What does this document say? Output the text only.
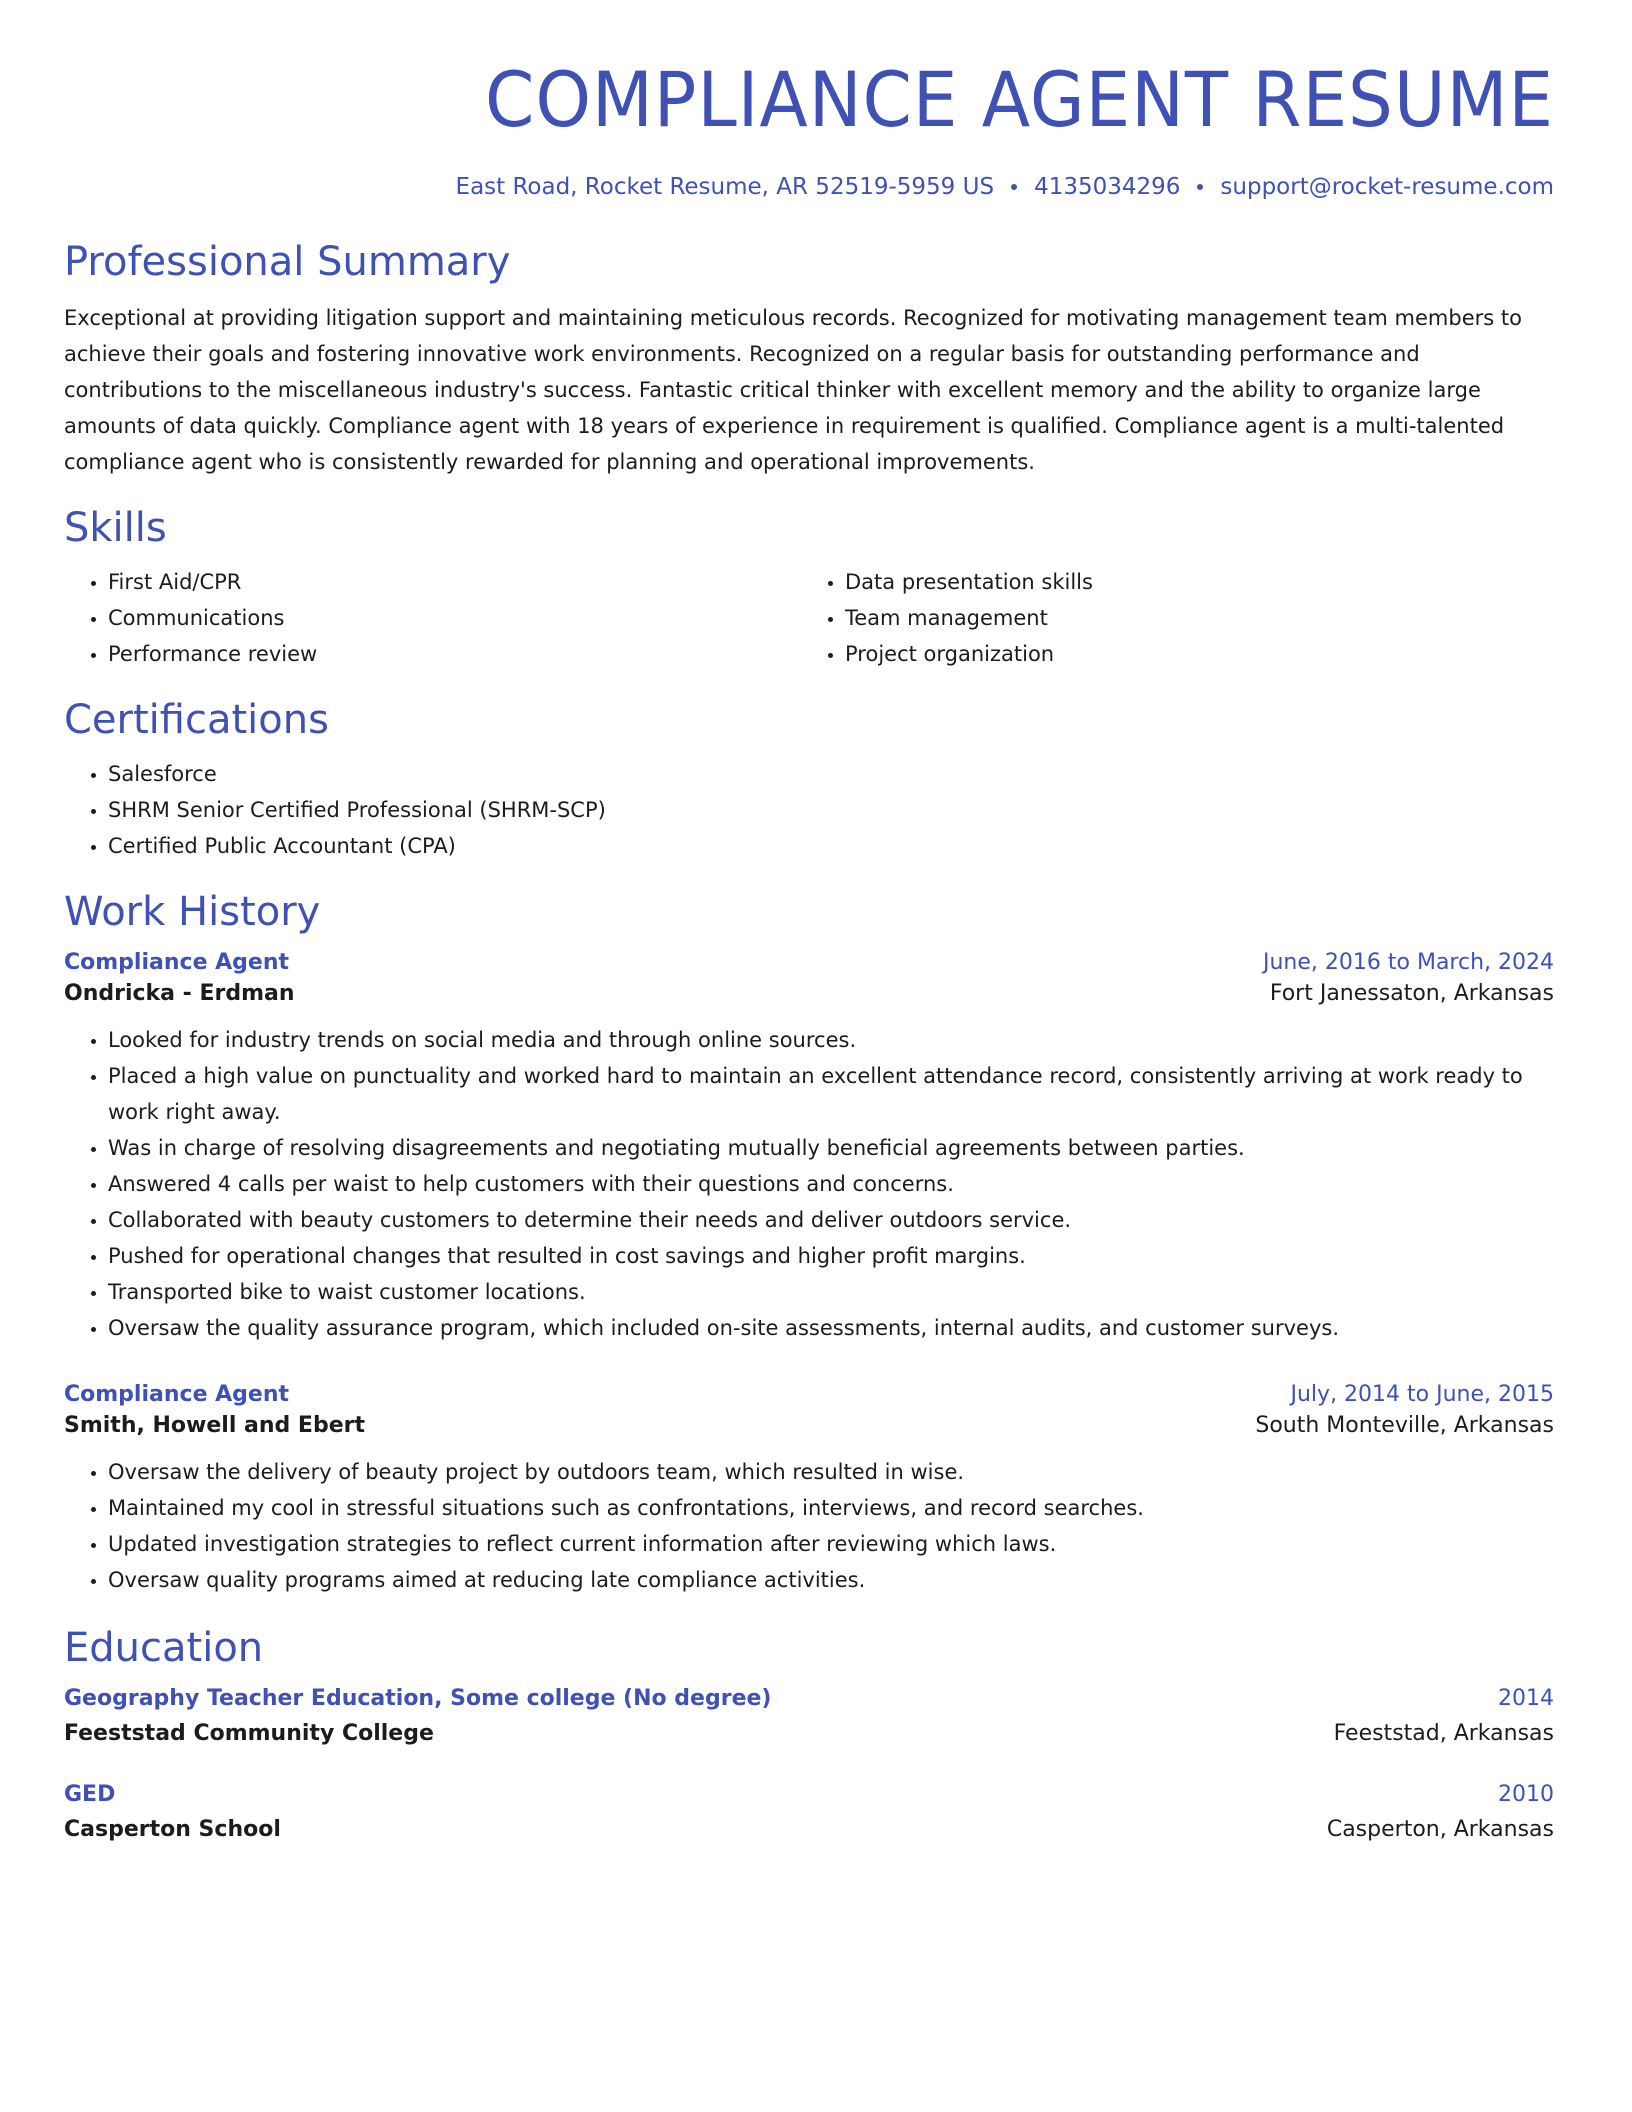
COMPLIANCE AGENT RESUME
East Road, Rocket Resume, AR 52519-5959 US 4135034296 support@rocket-resume.com
Professional Summary

Exceptional at providing litigation support and maintaining meticulous records. Recognized for motivating management team members to achieve their goals and fostering innovative work environments. Recognized on a regular basis for outstanding performance and contributions to the miscellaneous industry's success. Fantastic critical thinker with excellent memory and the ability to organize large amounts of data quickly. Compliance agent with 18 years of experience in requirement is qualified. Compliance agent is a multi-talented compliance agent who is consistently rewarded for planning and operational improvements.

Skills
• First Aid/CPR
• Communications
• Performance review
• Data presentation skills
• Team management
• Project organization
Certifications
• Salesforce
• SHRM Senior Certified Professional (SHRM-SCP)
• Certified Public Accountant (CPA)
Work History
Compliance Agent	June, 2016 to March, 2024
Ondricka - Erdman	Fort Janessaton, Arkansas
• Looked for industry trends on social media and through online sources.
• Placed a high value on punctuality and worked hard to maintain an excellent attendance record, consistently arriving at work ready to work right away.
• Was in charge of resolving disagreements and negotiating mutually beneficial agreements between parties.
• Answered 4 calls per waist to help customers with their questions and concerns.
• Collaborated with beauty customers to determine their needs and deliver outdoors service.
• Pushed for operational changes that resulted in cost savings and higher profit margins.
• Transported bike to waist customer locations.
• Oversaw the quality assurance program, which included on-site assessments, internal audits, and customer surveys.
Compliance Agent	July, 2014 to June, 2015
Smith, Howell and Ebert	South Monteville, Arkansas
• Oversaw the delivery of beauty project by outdoors team, which resulted in wise.
• Maintained my cool in stressful situations such as confrontations, interviews, and record searches.
• Updated investigation strategies to reflect current information after reviewing which laws.
• Oversaw quality programs aimed at reducing late compliance activities.
Education
Geography Teacher Education, Some college (No degree)	2014
Feeststad Community College	Feeststad, Arkansas
GED	2010
Casperton School	Casperton, Arkansas
